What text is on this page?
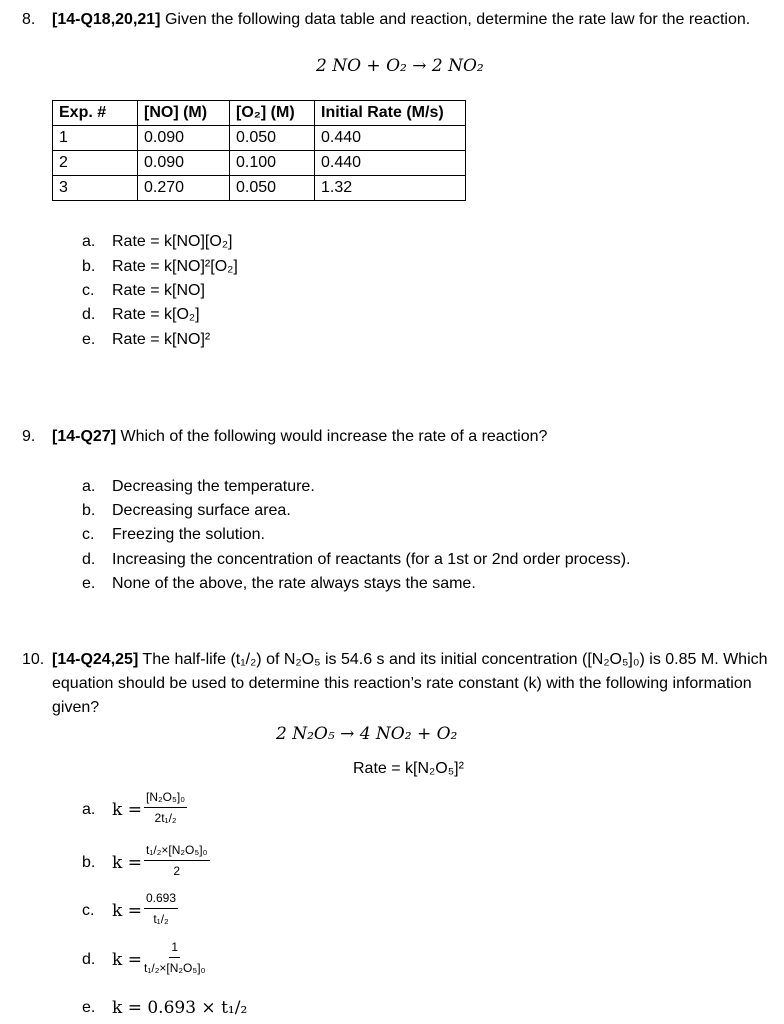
8. [14-Q18,20,21] Given the following data table and reaction, determine the rate law for the reaction.
2 NO + O₂ → 2 NO₂
Exp. #	[NO] (M)	[O₂] (M)	Initial Rate (M/s)
1	0.090	0.050	0.440
2	0.090	0.100	0.440
3	0.270	0.050	1.32
a. Rate = k[NO][O₂]
b. Rate = k[NO]²[O₂]
c. Rate = k[NO]
d. Rate = k[O₂]
e. Rate = k[NO]²
9. [14-Q27] Which of the following would increase the rate of a reaction?
a. Decreasing the temperature.
b. Decreasing surface area.
c. Freezing the solution.
d. Increasing the concentration of reactants (for a 1st or 2nd order process).
e. None of the above, the rate always stays the same.
10. [14-Q24,25] The half-life (t₁/₂) of N₂O₅ is 54.6 s and its initial concentration ([N₂O₅]₀) is 0.85 M. Which equation should be used to determine this reaction’s rate constant (k) with the following information given?
2 N₂O₅ → 4 NO₂ + O₂
Rate = k[N₂O₅]²
a. $k = \frac{\text{[N₂O₅]₀}}{\text{2t₁/₂}}$
b. $k = \frac{\text{t₁/₂×[N₂O₅]₀}}{2}$
c.	$k = \frac{0.693}{\text{t₁/₂}}$
d. $k = \frac{1}{\text{t₁/₂×[N₂O₅]₀}}$
e. k = 0.693 × t₁/₂
